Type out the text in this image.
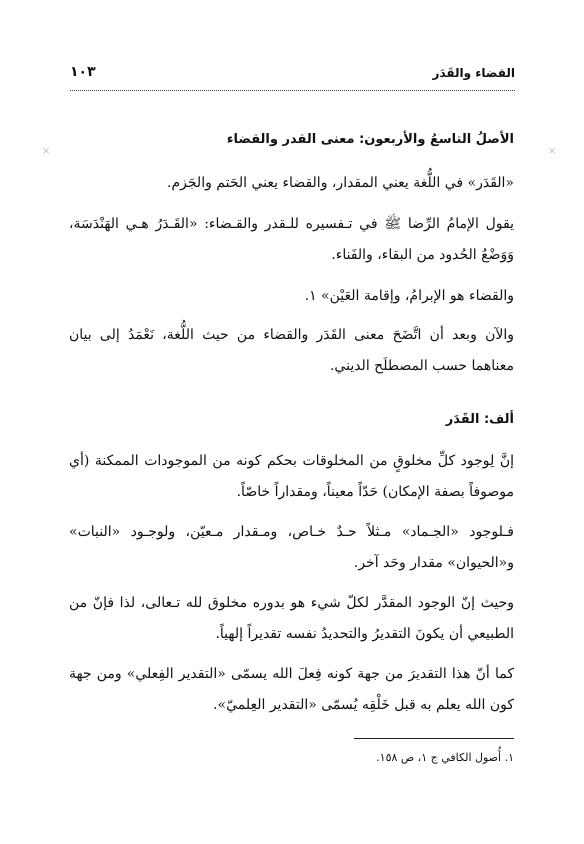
القضاء والقَدَر
١٠٣
×	×
الأصلُ التاسعُ والأربعون: معنى القدر والقضاء
«القَدَر» في اللُّغة يعني المقدار، والقضاء يعني الحَتم والجَزم.
يقول الإمامُ الرِّضا ﷺ في تـفسيره للـقدر والقـضاء: «القَـدَرُ هـي الهَنْدَسَة، وَوَضْعُ الحُدود من البقاء، والفَناء.
والقضاء هو الإبرامُ، وإقامة العَيْن» ١.
والآن وبعد أن اتَّضَحَ معنى القَدَر والقضاء من حيث اللُّغة، نَعْمَدُ إلى بيان معناهما حسب المصطلَح الديني.
ألف: القَدَر
إنَّ لِوجود كلِّ مخلوقٍ من المخلوقات بحكم كونه من الموجودات الممكنة (أي موصوفاً بصفة الإمكان) حَدّاً معيناً، ومقداراً خاصّاً.
فـلوجود «الجـماد» مـثلاً حـدٌ خـاص، ومـقدار مـعيّن، ولوجـود «النبات» و«الحيوان» مقدار وحَد آخر.
وحيث إنّ الوجود المقدَّر لكلّ شيء هو بدوره مخلوق لله تـعالى، لذا فإنّ من الطبيعي أن يكونَ التقديرُ والتحديدُ نفسه تقديراً إلهياً.
كما أنّ هذا التقديرَ من جهة كونه فِعلَ الله يسمّى «التقدير الفِعلي» ومن جهة كون الله يعلم به قبل خَلْقِه يُسمّى «التقدير العِلميّ».
١. أُصول الكافي ج ١، ص ١٥٨.
